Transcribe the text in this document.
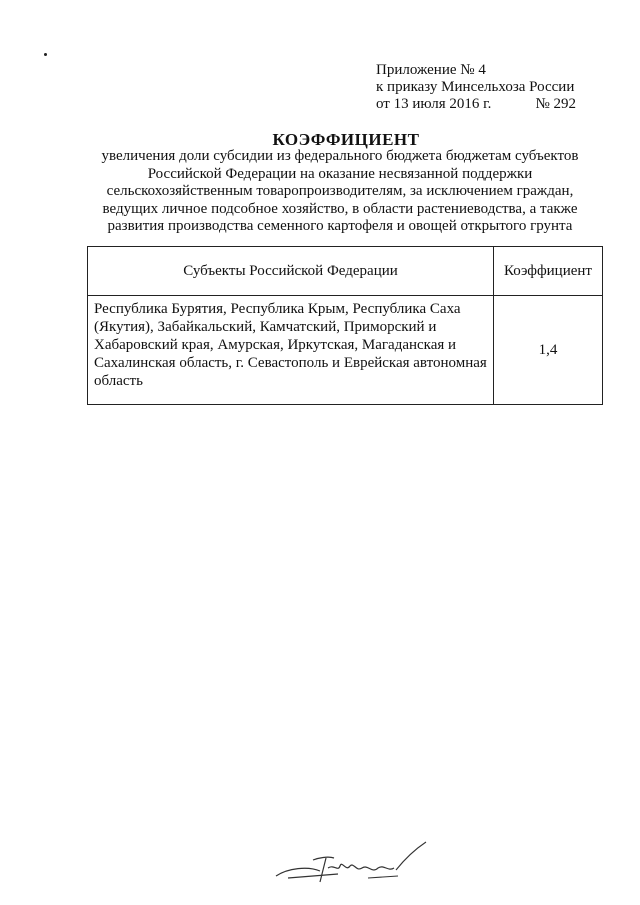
Приложение № 4
к приказу Минсельхоза России
от 13 июля 2016 г.	№ 292
КОЭФФИЦИЕНТ
увеличения доли субсидии из федерального бюджета бюджетам субъектов
Российской Федерации на оказание несвязанной поддержки
сельскохозяйственным товаропроизводителям, за исключением граждан,
ведущих личное подсобное хозяйство, в области растениеводства, а также
развития производства семенного картофеля и овощей открытого грунта
Субъекты Российской Федерации	Коэффициент
Республика Бурятия, Республика Крым, Республика Саха (Якутия), Забайкальский, Камчатский, Приморский и Хабаровский края, Амурская, Иркутская, Магаданская и Сахалинская область, г. Севастополь и Еврейская автономная область	1,4
